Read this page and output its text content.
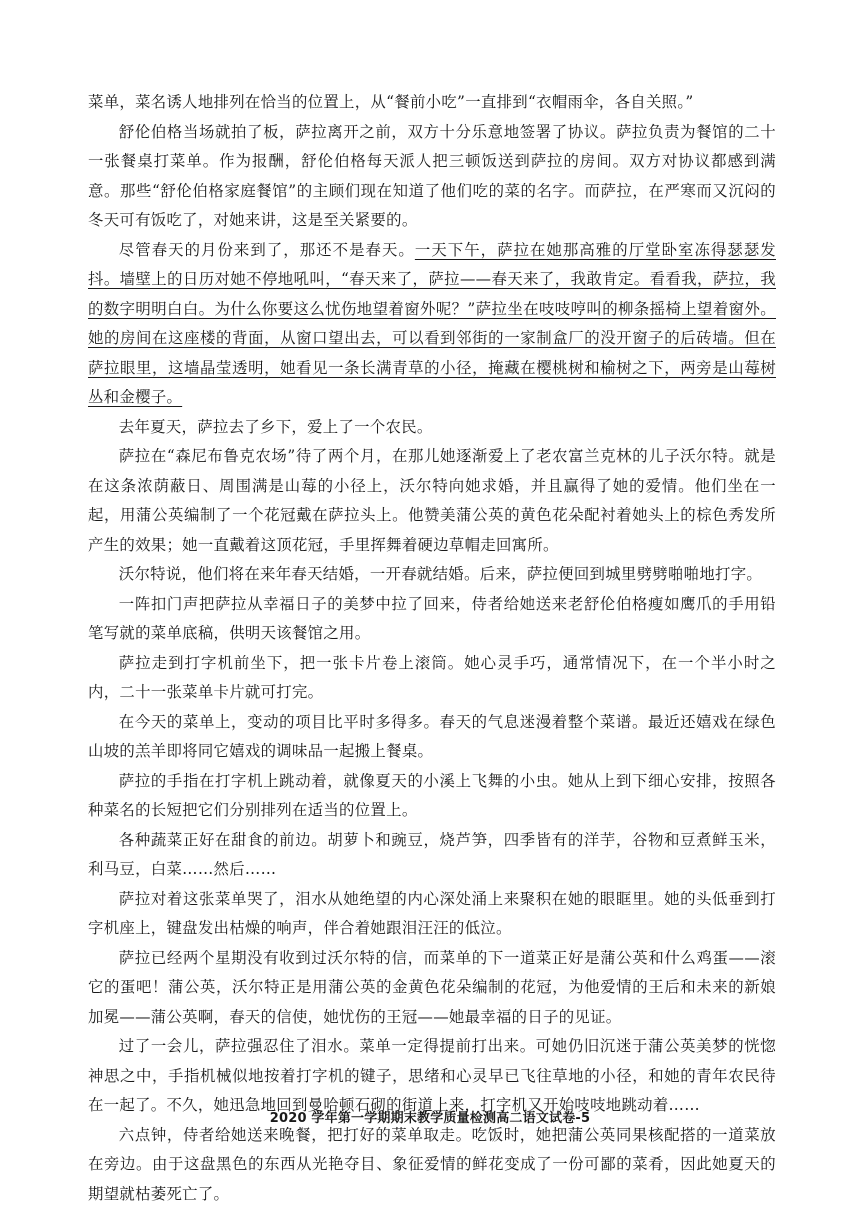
菜单，菜名诱人地排列在恰当的位置上，从“餐前小吃”一直排到“衣帽雨伞，各自关照。”

舒伦伯格当场就拍了板，萨拉离开之前，双方十分乐意地签署了协议。萨拉负责为餐馆的二十一张餐桌打菜单。作为报酬，舒伦伯格每天派人把三顿饭送到萨拉的房间。双方对协议都感到满意。那些“舒伦伯格家庭餐馆”的主顾们现在知道了他们吃的菜的名字。而萨拉，在严寒而又沉闷的冬天可有饭吃了，对她来讲，这是至关紧要的。

尽管春天的月份来到了，那还不是春天。一天下午，萨拉在她那高雅的厅堂卧室冻得瑟瑟发抖。墙壁上的日历对她不停地吼叫，“春天来了，萨拉——春天来了，我敢肯定。看看我，萨拉，我的数字明明白白。为什么你要这么忧伤地望着窗外呢？”萨拉坐在吱吱哼叫的柳条摇椅上望着窗外。她的房间在这座楼的背面，从窗口望出去，可以看到邻街的一家制盒厂的没开窗子的后砖墙。但在萨拉眼里，这墙晶莹透明，她看见一条长满青草的小径，掩藏在樱桃树和榆树之下，两旁是山莓树丛和金樱子。

去年夏天，萨拉去了乡下，爱上了一个农民。

萨拉在“森尼布鲁克农场”待了两个月，在那儿她逐渐爱上了老农富兰克林的儿子沃尔特。就是在这条浓荫蔽日、周围满是山莓的小径上，沃尔特向她求婚，并且赢得了她的爱情。他们坐在一起，用蒲公英编制了一个花冠戴在萨拉头上。他赞美蒲公英的黄色花朵配衬着她头上的棕色秀发所产生的效果；她一直戴着这顶花冠，手里挥舞着硬边草帽走回寓所。

沃尔特说，他们将在来年春天结婚，一开春就结婚。后来，萨拉便回到城里劈劈啪啪地打字。

一阵扣门声把萨拉从幸福日子的美梦中拉了回来，侍者给她送来老舒伦伯格瘦如鹰爪的手用铅笔写就的菜单底稿，供明天该餐馆之用。

萨拉走到打字机前坐下，把一张卡片卷上滚筒。她心灵手巧，通常情况下，在一个半小时之内，二十一张菜单卡片就可打完。

在今天的菜单上，变动的项目比平时多得多。春天的气息迷漫着整个菜谱。最近还嬉戏在绿色山坡的羔羊即将同它嬉戏的调味品一起搬上餐桌。

萨拉的手指在打字机上跳动着，就像夏天的小溪上飞舞的小虫。她从上到下细心安排，按照各种菜名的长短把它们分别排列在适当的位置上。

各种蔬菜正好在甜食的前边。胡萝卜和豌豆，烧芦笋，四季皆有的洋芋，谷物和豆煮鲜玉米，利马豆，白菜……然后……

萨拉对着这张菜单哭了，泪水从她绝望的内心深处涌上来聚积在她的眼眶里。她的头低垂到打字机座上，键盘发出枯燥的响声，伴合着她跟泪汪汪的低泣。

萨拉已经两个星期没有收到过沃尔特的信，而菜单的下一道菜正好是蒲公英和什么鸡蛋——滚它的蛋吧！蒲公英，沃尔特正是用蒲公英的金黄色花朵编制的花冠，为他爱情的王后和未来的新娘加冕——蒲公英啊，春天的信使，她忧伤的王冠——她最幸福的日子的见证。

过了一会儿，萨拉强忍住了泪水。菜单一定得提前打出来。可她仍旧沉迷于蒲公英美梦的恍惚神思之中，手指机械似地按着打字机的键子，思绪和心灵早已飞往草地的小径，和她的青年农民待在一起了。不久，她迅急地回到曼哈顿石砌的街道上来，打字机又开始吱吱地跳动着……

六点钟，侍者给她送来晚餐，把打好的菜单取走。吃饭时，她把蒲公英同果核配搭的一道菜放在旁边。由于这盘黑色的东西从光艳夺目、象征爱情的鲜花变成了一份可鄙的菜肴，因此她夏天的期望就枯萎死亡了。

2020 学年第一学期期末教学质量检测高二语文试卷-5
